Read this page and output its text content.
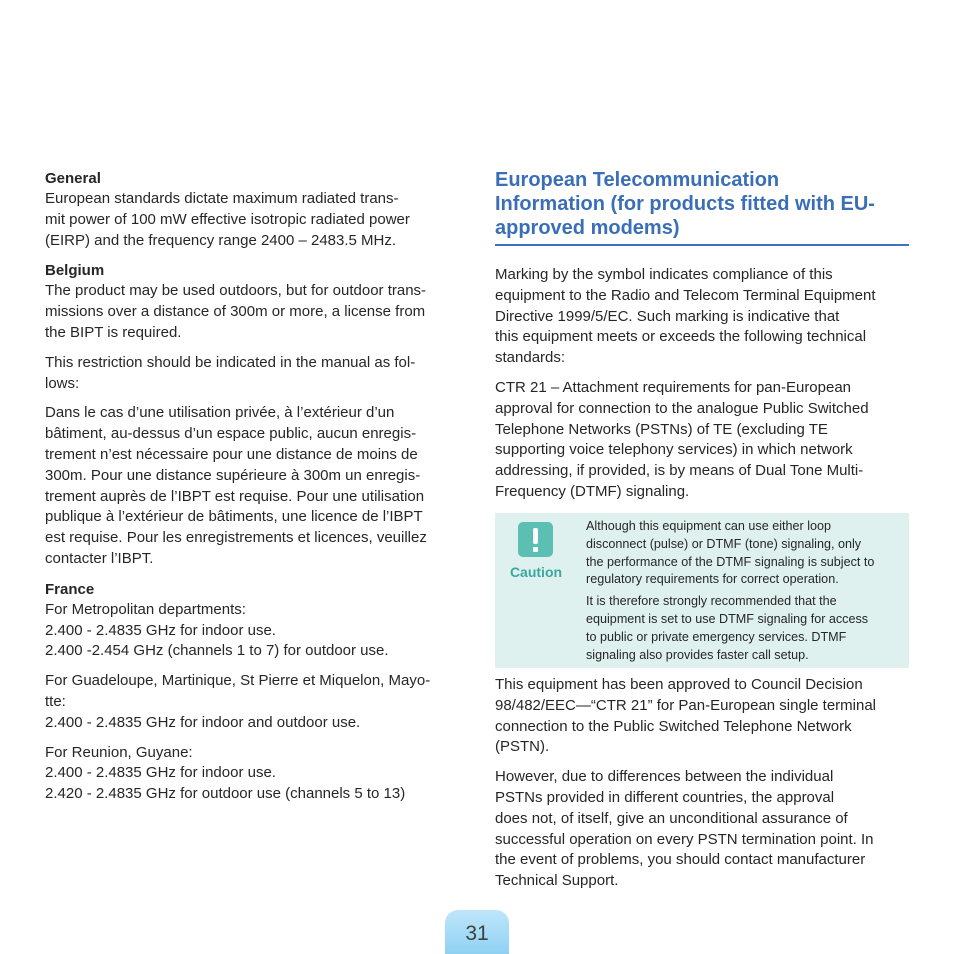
General

European standards dictate maximum radiated trans-
mit power of 100 mW effective isotropic radiated power
(EIRP) and the frequency range 2400 – 2483.5 MHz.

Belgium

The product may be used outdoors, but for outdoor trans-
missions over a distance of 300m or more, a license from
the BIPT is required.

This restriction should be indicated in the manual as fol-
lows:

Dans le cas d’une utilisation privée, à l’extérieur d’un
bâtiment, au-dessus d’un espace public, aucun enregis-
trement n’est nécessaire pour une distance de moins de
300m. Pour une distance supérieure à 300m un enregis-
trement auprès de l’IBPT est requise. Pour une utilisation
publique à l’extérieur de bâtiments, une licence de l’IBPT
est requise. Pour les enregistrements et licences, veuillez
contacter l’IBPT.

France

For Metropolitan departments:
2.400 - 2.4835 GHz for indoor use.
2.400 -2.454 GHz (channels 1 to 7) for outdoor use.

For Guadeloupe, Martinique, St Pierre et Miquelon, Mayo-
tte:
2.400 - 2.4835 GHz for indoor and outdoor use.

For Reunion, Guyane:
2.400 - 2.4835 GHz for indoor use.
2.420 - 2.4835 GHz for outdoor use (channels 5 to 13)

European Telecommunication
Information (for products fitted with EU-
approved modems)

Marking by the symbol indicates compliance of this
equipment to the Radio and Telecom Terminal Equipment
Directive 1999/5/EC. Such marking is indicative that
this equipment meets or exceeds the following technical
standards:

CTR 21 – Attachment requirements for pan-European
approval for connection to the analogue Public Switched
Telephone Networks (PSTNs) of TE (excluding TE
supporting voice telephony services) in which network
addressing, if provided, is by means of Dual Tone Multi-
Frequency (DTMF) signaling.

Caution

Although this equipment can use either loop
disconnect (pulse) or DTMF (tone) signaling, only
the performance of the DTMF signaling is subject to
regulatory requirements for correct operation.

It is therefore strongly recommended that the
equipment is set to use DTMF signaling for access
to public or private emergency services. DTMF
signaling also provides faster call setup.

This equipment has been approved to Council Decision
98/482/EEC—“CTR 21” for Pan-European single terminal
connection to the Public Switched Telephone Network
(PSTN).

However, due to differences between the individual
PSTNs provided in different countries, the approval
does not, of itself, give an unconditional assurance of
successful operation on every PSTN termination point. In
the event of problems, you should contact manufacturer
Technical Support.

31
